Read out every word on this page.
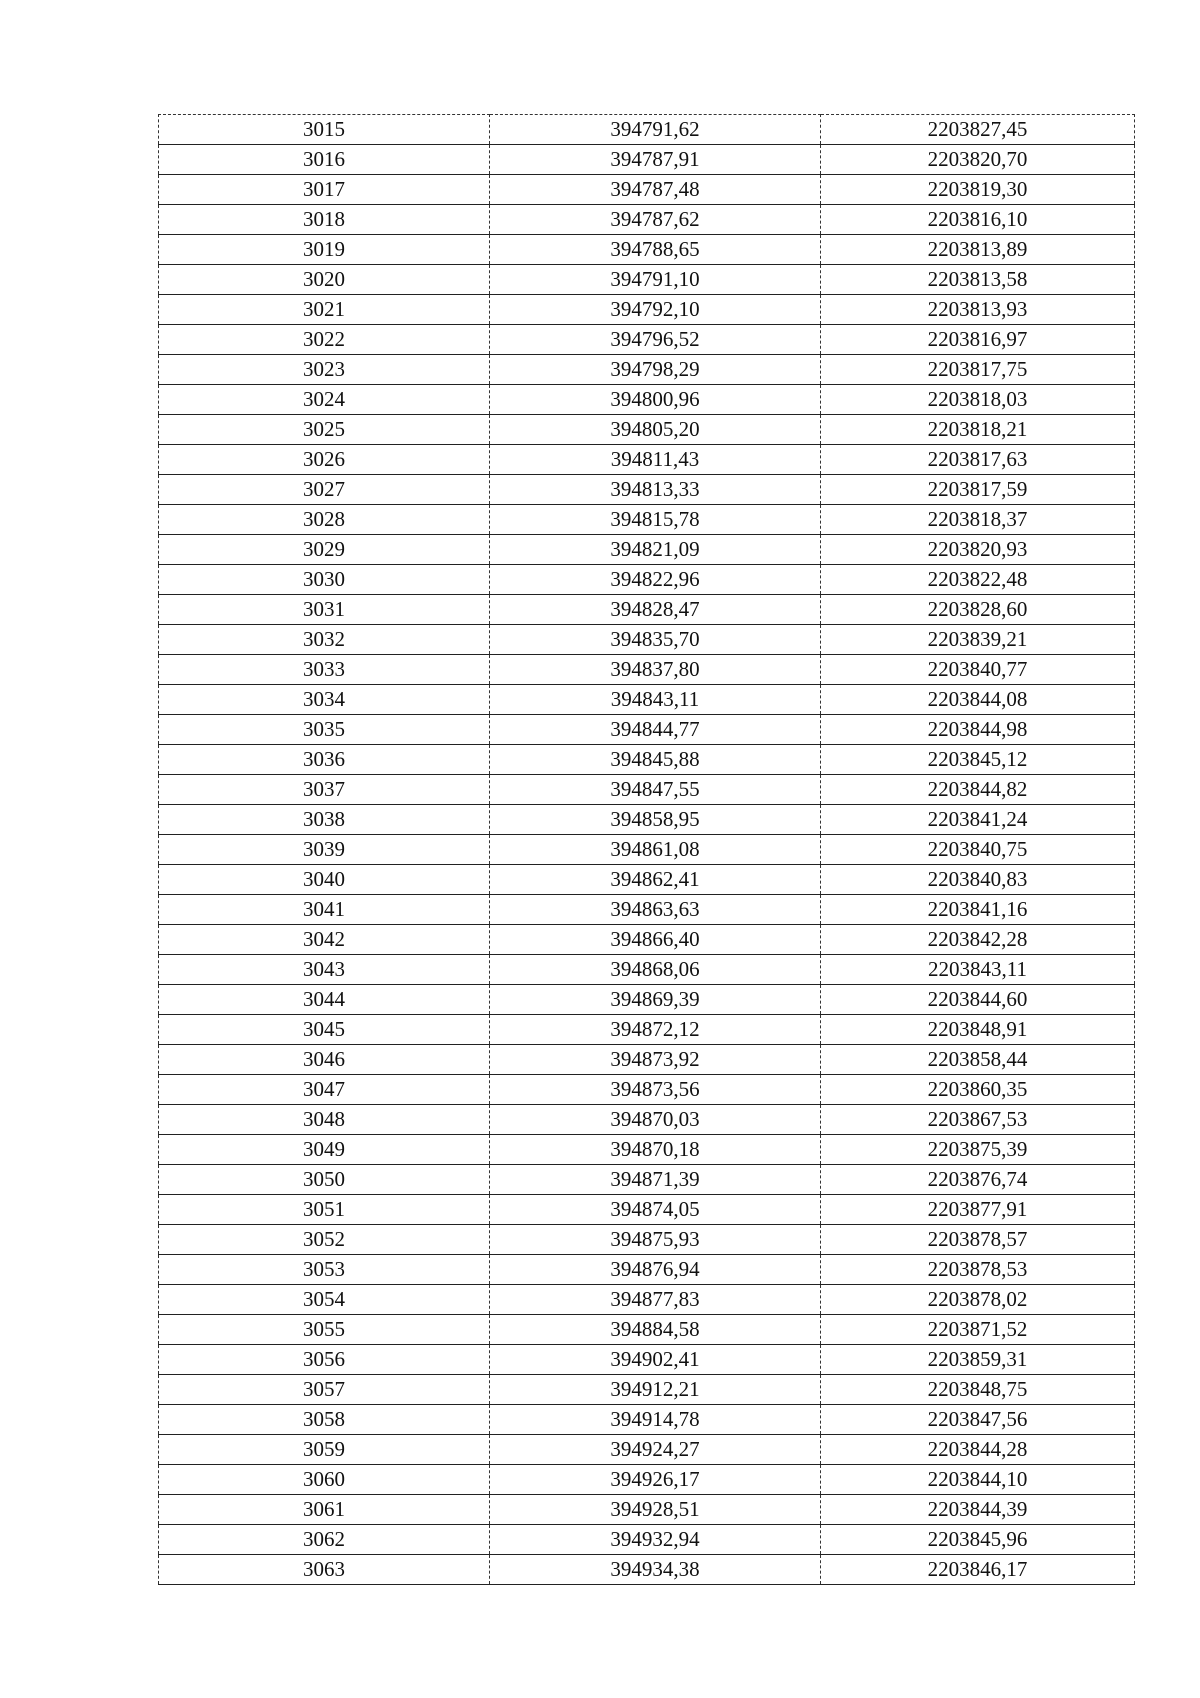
3015	394791,62	2203827,45
3016	394787,91	2203820,70
3017	394787,48	2203819,30
3018	394787,62	2203816,10
3019	394788,65	2203813,89
3020	394791,10	2203813,58
3021	394792,10	2203813,93
3022	394796,52	2203816,97
3023	394798,29	2203817,75
3024	394800,96	2203818,03
3025	394805,20	2203818,21
3026	394811,43	2203817,63
3027	394813,33	2203817,59
3028	394815,78	2203818,37
3029	394821,09	2203820,93
3030	394822,96	2203822,48
3031	394828,47	2203828,60
3032	394835,70	2203839,21
3033	394837,80	2203840,77
3034	394843,11	2203844,08
3035	394844,77	2203844,98
3036	394845,88	2203845,12
3037	394847,55	2203844,82
3038	394858,95	2203841,24
3039	394861,08	2203840,75
3040	394862,41	2203840,83
3041	394863,63	2203841,16
3042	394866,40	2203842,28
3043	394868,06	2203843,11
3044	394869,39	2203844,60
3045	394872,12	2203848,91
3046	394873,92	2203858,44
3047	394873,56	2203860,35
3048	394870,03	2203867,53
3049	394870,18	2203875,39
3050	394871,39	2203876,74
3051	394874,05	2203877,91
3052	394875,93	2203878,57
3053	394876,94	2203878,53
3054	394877,83	2203878,02
3055	394884,58	2203871,52
3056	394902,41	2203859,31
3057	394912,21	2203848,75
3058	394914,78	2203847,56
3059	394924,27	2203844,28
3060	394926,17	2203844,10
3061	394928,51	2203844,39
3062	394932,94	2203845,96
3063	394934,38	2203846,17
